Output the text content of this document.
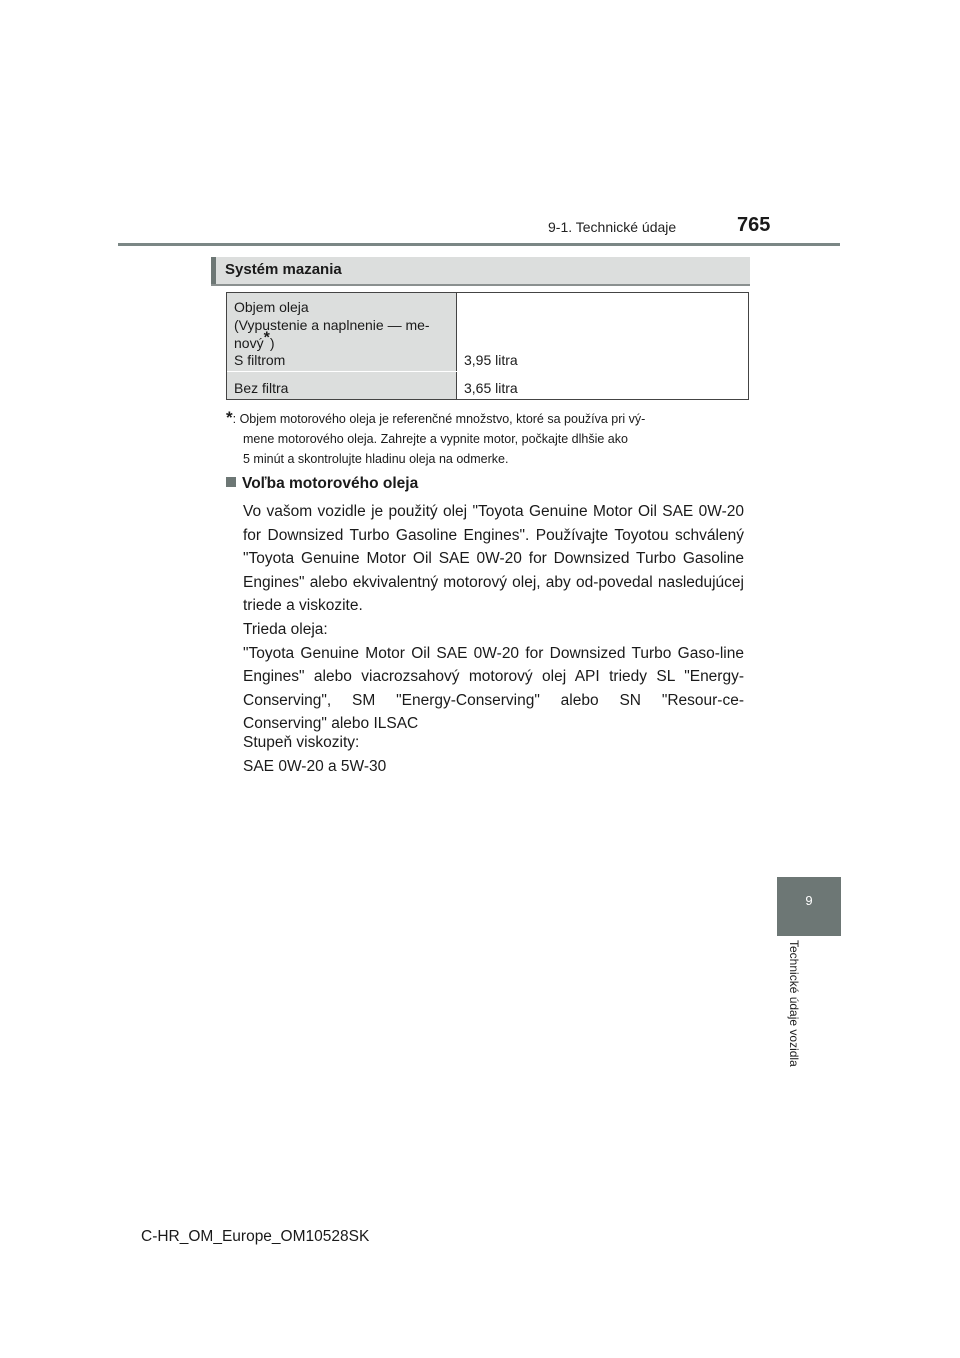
9-1. Technické údaje	765
Systém mazania
Objem oleja
(Vypustenie a naplnenie — me-
nový*)
S filtrom	3,95 litra
Bez filtra	3,65 litra
*: Objem motorového oleja je referenčné množstvo, ktoré sa používa pri vý-
mene motorového oleja. Zahrejte a vypnite motor, počkajte dlhšie ako
5 minút a skontrolujte hladinu oleja na odmerke.
Voľba motorového oleja

Vo vašom vozidle je použitý olej "Toyota Genuine Motor Oil SAE 0W-20 for Downsized Turbo Gasoline Engines". Používajte Toyotou schválený "Toyota Genuine Motor Oil SAE 0W-20 for Downsized Turbo Gasoline Engines" alebo ekvivalentný motorový olej, aby od-povedal nasledujúcej triede a viskozite.

Trieda oleja:

"Toyota Genuine Motor Oil SAE 0W-20 for Downsized Turbo Gaso-line Engines" alebo viacrozsahový motorový olej API triedy SL "Energy-Conserving", SM "Energy-Conserving" alebo SN "Resour-ce-Conserving" alebo ILSAC

Stupeň viskozity:

SAE 0W-20 a 5W-30

9
Technické údaje vozidla
C-HR_OM_Europe_OM10528SK
